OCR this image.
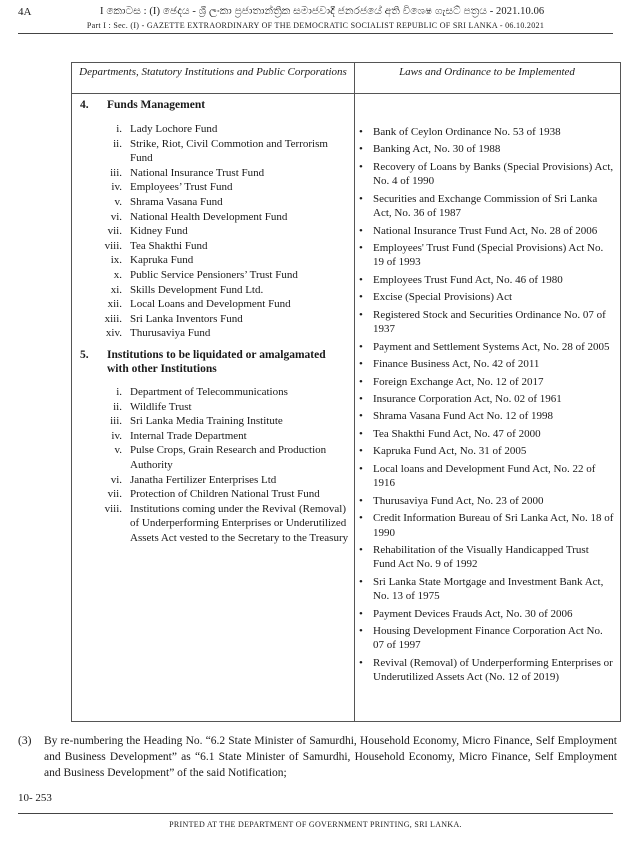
4A	I කොටස : (I) ඡෙදය - ශ්‍රී ලංකා ප්‍රජාතාන්ත්‍රික සමාජවාදී ජනරජයේ අති විශෙෂ ගැසට් පත්‍රය - 2021.10.06
Part I : Sec. (I) - GAZETTE EXTRAORDINARY OF THE DEMOCRATIC SOCIALIST REPUBLIC OF SRI LANKA - 06.10.2021
Departments, Statutory Institutions and Public Corporations	Laws and Ordinance to be Implemented
4. Funds Management
i. Lady Lochore Fund
ii. Strike, Riot, Civil Commotion and Terrorism Fund
iii. National Insurance Trust Fund
iv. Employees’ Trust Fund
v. Shrama Vasana Fund
vi. National Health Development Fund
vii. Kidney Fund
viii. Tea Shakthi Fund
ix. Kapruka Fund
x. Public Service Pensioners’ Trust Fund
xi. Skills Development Fund Ltd.
xii. Local Loans and Development Fund
xiii. Sri Lanka Inventors Fund
xiv. Thurusaviya Fund
5. Institutions to be liquidated or amalgamated with other Institutions
i. Department of Telecommunications
ii. Wildlife Trust
iii. Sri Lanka Media Training Institute
iv. Internal Trade Department
v. Pulse Crops, Grain Research and Production Authority
vi. Janatha Fertilizer Enterprises Ltd
vii. Protection of Children National Trust Fund
viii. Institutions coming under the Revival (Removal) of Underperforming Enterprises or Underutilized Assets Act vested to the Secretary to the Treasury
• Bank of Ceylon Ordinance No. 53 of 1938
• Banking Act, No. 30 of 1988
• Recovery of Loans by Banks (Special Provisions) Act, No. 4 of 1990
• Securities and Exchange Commission of Sri Lanka Act, No. 36 of 1987
• National Insurance Trust Fund Act, No. 28 of 2006
• Employees' Trust Fund (Special Provisions) Act No. 19 of 1993
• Employees Trust Fund Act, No. 46 of 1980
• Excise (Special Provisions) Act
• Registered Stock and Securities Ordinance No. 07 of 1937
• Payment and Settlement Systems Act, No. 28 of 2005
• Finance Business Act, No. 42 of 2011
• Foreign Exchange Act, No. 12 of 2017
• Insurance Corporation Act, No. 02 of 1961
• Shrama Vasana Fund Act No. 12 of 1998
• Tea Shakthi Fund Act, No. 47 of 2000
• Kapruka Fund Act, No. 31 of 2005
• Local loans and Development Fund Act, No. 22 of 1916
• Thurusaviya Fund Act, No. 23 of 2000
• Credit Information Bureau of Sri Lanka Act, No. 18 of 1990
• Rehabilitation of the Visually Handicapped Trust Fund Act No. 9 of 1992
• Sri Lanka State Mortgage and Investment Bank Act, No. 13 of 1975
• Payment Devices Frauds Act, No. 30 of 2006
• Housing Development Finance Corporation Act No. 07 of 1997
• Revival (Removal) of Underperforming Enterprises or Underutilized Assets Act (No. 12 of 2019)
(3) By re-numbering the Heading No. “6.2 State Minister of Samurdhi, Household Economy, Micro Finance, Self Employment and Business Development” as “6.1 State Minister of Samurdhi, Household Economy, Micro Finance, Self Employment and Business Development” of the said Notification;
10- 253
PRINTED AT THE DEPARTMENT OF GOVERNMENT PRINTING, SRI LANKA.
